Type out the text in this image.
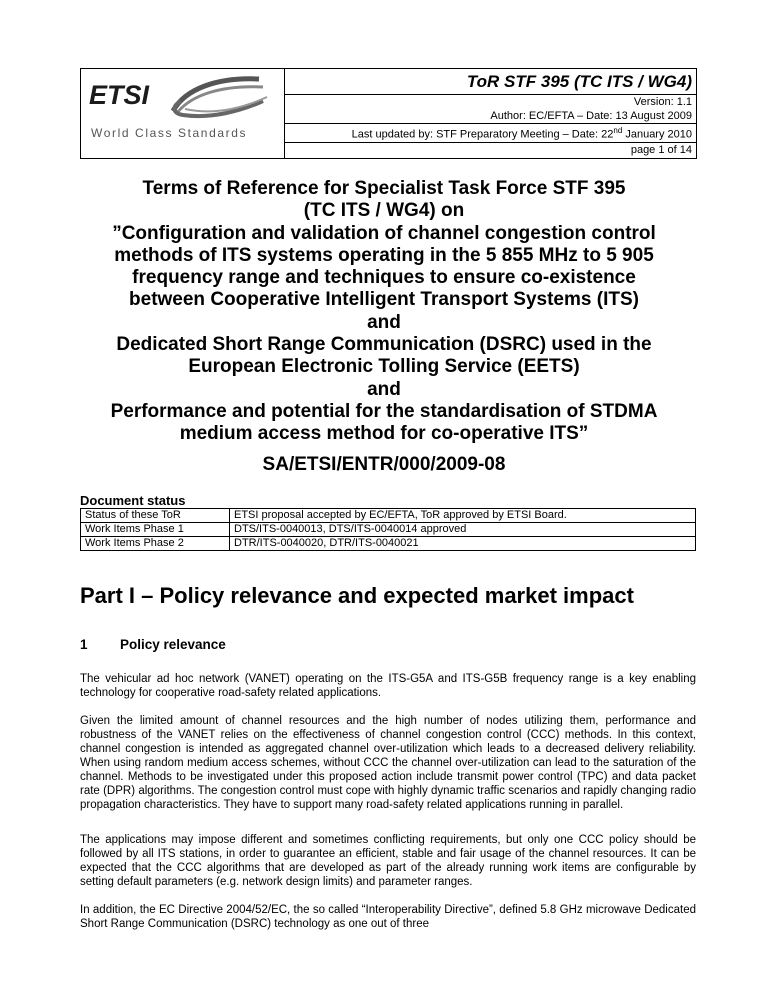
ETSI
World Class Standards
	ToR STF 395 (TC ITS / WG4)
Version: 1.1
Author: EC/EFTA – Date: 13 August 2009
Last updated by: STF Preparatory Meeting – Date: 22nd January 2010
page 1 of 14
Terms of Reference for Specialist Task Force STF 395
(TC ITS / WG4) on
”Configuration and validation of channel congestion control
methods of ITS systems operating in the 5 855 MHz to 5 905
frequency range and techniques to ensure co-existence
between Cooperative Intelligent Transport Systems (ITS)
and
Dedicated Short Range Communication (DSRC) used in the
European Electronic Tolling Service (EETS)
and
Performance and potential for the standardisation of STDMA
medium access method for co-operative ITS”
SA/ETSI/ENTR/000/2009-08
Document status
Status of these ToR	ETSI proposal accepted by EC/EFTA, ToR approved by ETSI Board.
Work Items Phase 1	DTS/ITS-0040013, DTS/ITS-0040014 approved
Work Items Phase 2	DTR/ITS-0040020, DTR/ITS-0040021
Part I – Policy relevance and expected market impact
1 Policy relevance
The vehicular ad hoc network (VANET) operating on the ITS-G5A and ITS-G5B frequency range is a key enabling technology for cooperative road-safety related applications.
Given the limited amount of channel resources and the high number of nodes utilizing them, performance and robustness of the VANET relies on the effectiveness of channel congestion control (CCC) methods. In this context, channel congestion is intended as aggregated channel over-utilization which leads to a decreased delivery reliability. When using random medium access schemes, without CCC the channel over-utilization can lead to the saturation of the channel. Methods to be investigated under this proposed action include transmit power control (TPC) and data packet rate (DPR) algorithms. The congestion control must cope with highly dynamic traffic scenarios and rapidly changing radio propagation characteristics. They have to support many road-safety related applications running in parallel.
The applications may impose different and sometimes conflicting requirements, but only one CCC policy should be followed by all ITS stations, in order to guarantee an efficient, stable and fair usage of the channel resources. It can be expected that the CCC algorithms that are developed as part of the already running work items are configurable by setting default parameters (e.g. network design limits) and parameter ranges.
In addition, the EC Directive 2004/52/EC, the so called “Interoperability Directive”, defined 5.8 GHz microwave Dedicated Short Range Communication (DSRC) technology as one out of three
